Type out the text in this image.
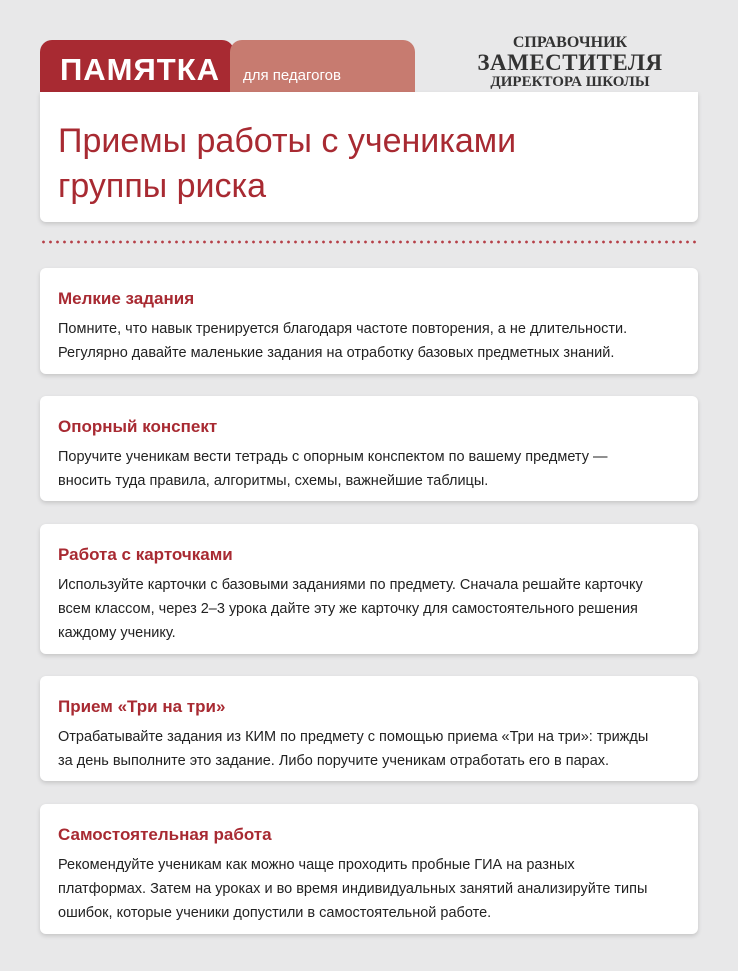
ПАМЯТКА	для педагогов
СПРАВОЧНИК
ЗАМЕСТИТЕЛЯ
ДИРЕКТОРА ШКОЛЫ
Приемы работы с учениками
группы риска
Мелкие задания

Помните, что навык тренируется благодаря частоте повторения, а не длительности.
Регулярно давайте маленькие задания на отработку базовых предметных знаний.

Опорный конспект

Поручите ученикам вести тетрадь с опорным конспектом по вашему предмету —
вносить туда правила, алгоритмы, схемы, важнейшие таблицы.

Работа с карточками

Используйте карточки с базовыми заданиями по предмету. Сначала решайте карточку
всем классом, через 2–3 урока дайте эту же карточку для самостоятельного решения
каждому ученику.

Прием «Три на три»

Отрабатывайте задания из КИМ по предмету с помощью приема «Три на три»: трижды
за день выполните это задание. Либо поручите ученикам отработать его в парах.

Самостоятельная работа

Рекомендуйте ученикам как можно чаще проходить пробные ГИА на разных
платформах. Затем на уроках и во время индивидуальных занятий анализируйте типы
ошибок, которые ученики допустили в самостоятельной работе.
